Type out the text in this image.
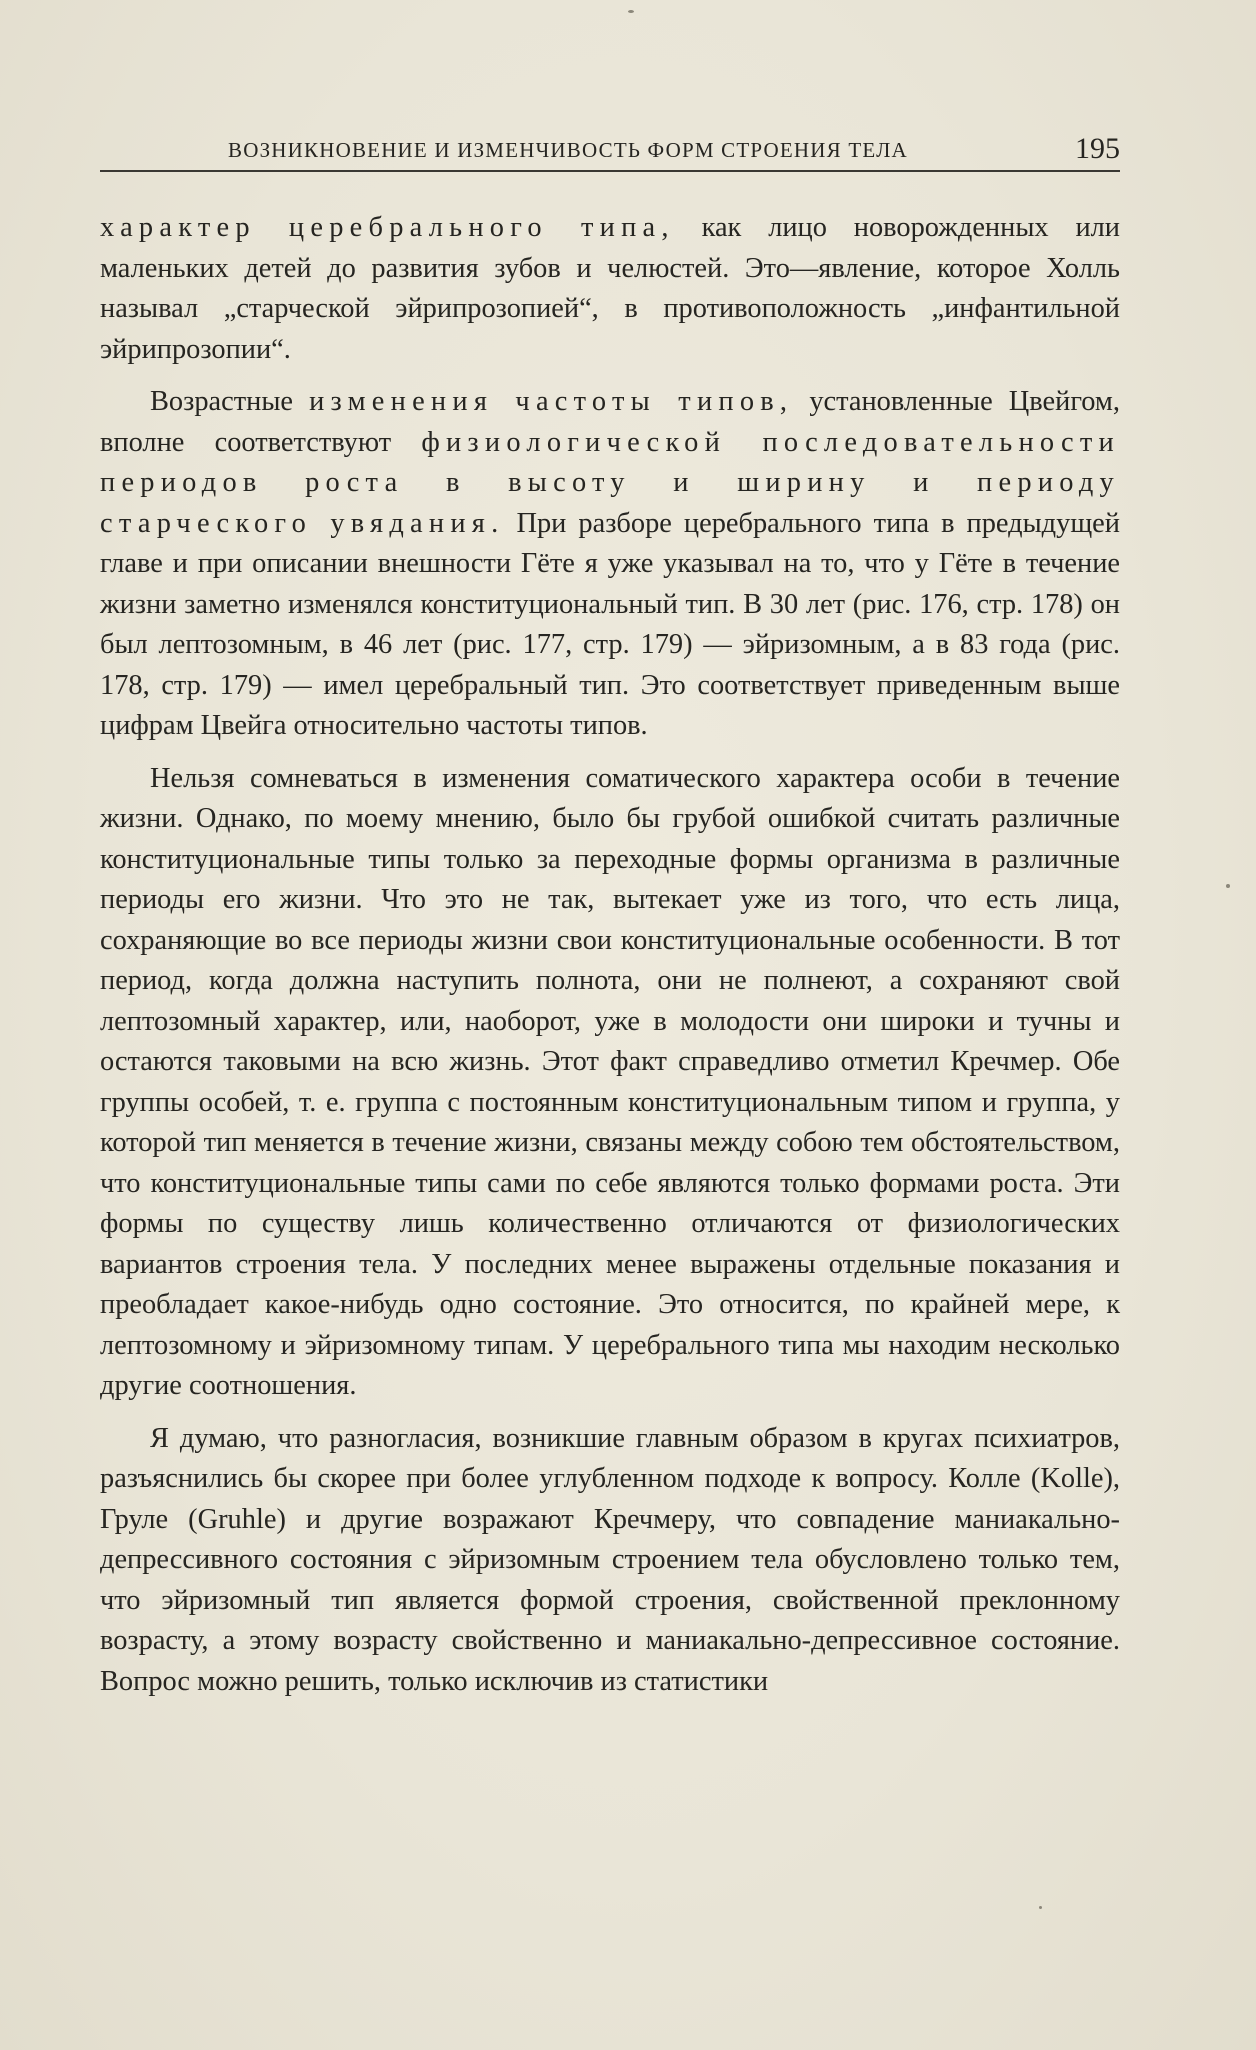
ВОЗНИКНОВЕНИЕ И ИЗМЕНЧИВОСТЬ ФОРМ СТРОЕНИЯ ТЕЛА	195

характер церебрального типа, как лицо новорожденных или маленьких детей до развития зубов и челюстей. Это—явление, которое Холль называл „старческой эйрипрозопией“, в противоположность „инфантильной эйрипрозопии“.

Возрастные изменения частоты типов, установленные Цвейгом, вполне соответствуют физиологической последовательности периодов роста в высоту и ширину и периоду старческого увядания. При разборе церебрального типа в предыдущей главе и при описании внешности Гёте я уже указывал на то, что у Гёте в течение жизни заметно изменялся конституциональный тип. В 30 лет (рис. 176, стр. 178) он был лептозомным, в 46 лет (рис. 177, стр. 179) — эйризомным, а в 83 года (рис. 178, стр. 179) — имел церебральный тип. Это соответствует приведенным выше цифрам Цвейга относительно частоты типов.

Нельзя сомневаться в изменения соматического характера особи в течение жизни. Однако, по моему мнению, было бы грубой ошибкой считать различные конституциональные типы только за переходные формы организма в различные периоды его жизни. Что это не так, вытекает уже из того, что есть лица, сохраняющие во все периоды жизни свои конституциональные особенности. В тот период, когда должна наступить полнота, они не полнеют, а сохраняют свой лептозомный характер, или, наоборот, уже в молодости они широки и тучны и остаются таковыми на всю жизнь. Этот факт справедливо отметил Кречмер. Обе группы особей, т. е. группа с постоянным конституциональным типом и группа, у которой тип меняется в течение жизни, связаны между собою тем обстоятельством, что конституциональные типы сами по себе являются только формами роста. Эти формы по существу лишь количественно отличаются от физиологических вариантов строения тела. У последних менее выражены отдельные показания и преобладает какое-нибудь одно состояние. Это относится, по крайней мере, к лептозомному и эйризомному типам. У церебрального типа мы находим несколько другие соотношения.

Я думаю, что разногласия, возникшие главным образом в кругах психиатров, разъяснились бы скорее при более углубленном подходе к вопросу. Колле (Kolle), Груле (Gruhle) и другие возражают Кречмеру, что совпадение маниакально-депрессивного состояния с эйризомным строением тела обусловлено только тем, что эйризомный тип является формой строения, свойственной преклонному возрасту, а этому возрасту свойственно и маниакально-депрессивное состояние. Вопрос можно решить, только исключив из статистики
